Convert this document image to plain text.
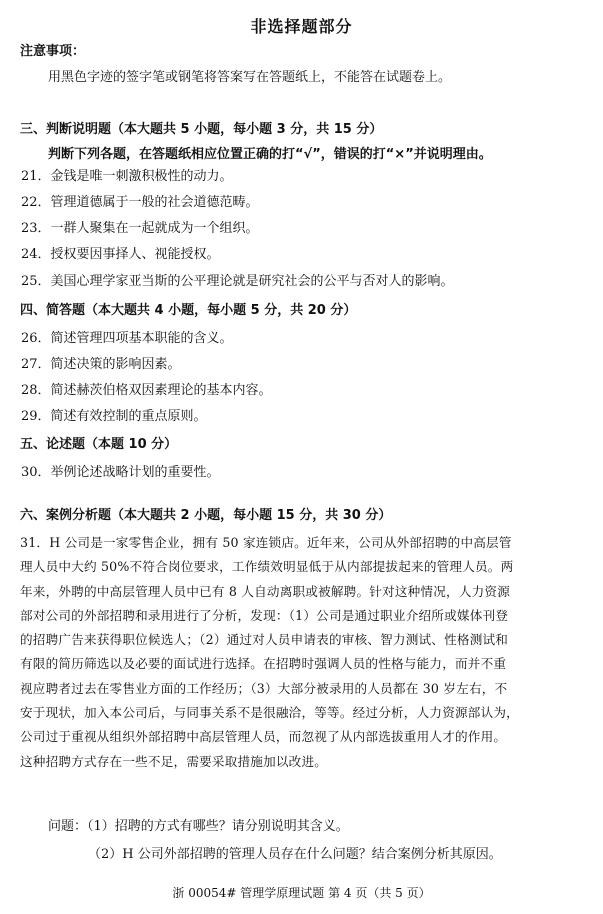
非选择题部分
注意事项：
用黑色字迹的签字笔或钢笔将答案写在答题纸上，不能答在试题卷上。
三、判断说明题（本大题共 5 小题，每小题 3 分，共 15 分）
判断下列各题，在答题纸相应位置正确的打“√”，错误的打“×”并说明理由。
21．金钱是唯一刺激积极性的动力。
22．管理道德属于一般的社会道德范畴。
23．一群人聚集在一起就成为一个组织。
24．授权要因事择人、视能授权。
25．美国心理学家亚当斯的公平理论就是研究社会的公平与否对人的影响。
四、简答题（本大题共 4 小题，每小题 5 分，共 20 分）
26．简述管理四项基本职能的含义。
27．简述决策的影响因素。
28．简述赫茨伯格双因素理论的基本内容。
29．简述有效控制的重点原则。
五、论述题（本题 10 分）
30．举例论述战略计划的重要性。
六、案例分析题（本大题共 2 小题，每小题 15 分，共 30 分）
31．H 公司是一家零售企业，拥有 50 家连锁店。近年来，公司从外部招聘的中高层管
理人员中大约 50%不符合岗位要求，工作绩效明显低于从内部提拔起来的管理人员。两
年来，外聘的中高层管理人员中已有 8 人自动离职或被解聘。针对这种情况，人力资源
部对公司的外部招聘和录用进行了分析，发现：（1）公司是通过职业介绍所或媒体刊登
的招聘广告来获得职位候选人；（2）通过对人员申请表的审核、智力测试、性格测试和
有限的简历筛选以及必要的面试进行选择。在招聘时强调人员的性格与能力，而并不重
视应聘者过去在零售业方面的工作经历；（3）大部分被录用的人员都在 30 岁左右，不
安于现状，加入本公司后，与同事关系不是很融洽，等等。经过分析，人力资源部认为，
公司过于重视从组织外部招聘中高层管理人员，而忽视了从内部选拔重用人才的作用。
这种招聘方式存在一些不足，需要采取措施加以改进。
问题：（1）招聘的方式有哪些？请分别说明其含义。
（2）H 公司外部招聘的管理人员存在什么问题？结合案例分析其原因。
浙 00054# 管理学原理试题 第 4 页（共 5 页）
